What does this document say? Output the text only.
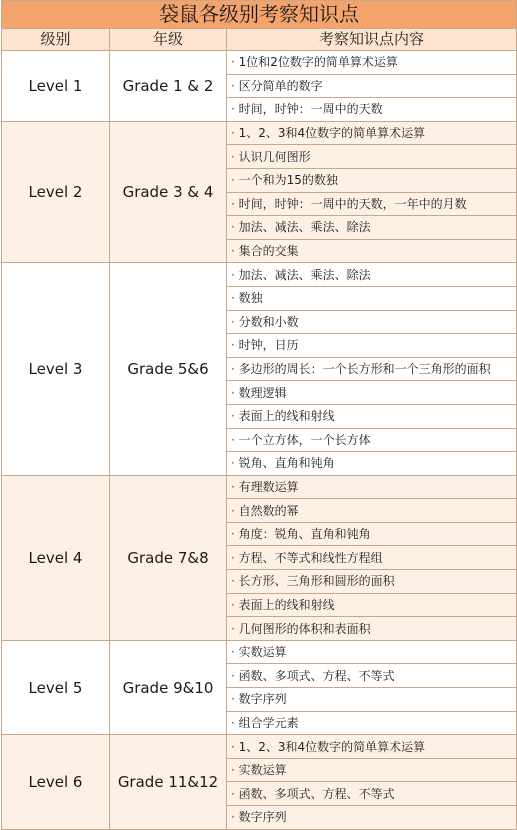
袋鼠各级别考察知识点		
级别	年级	考察知识点内容
Level 1	Grade 1 & 2	· 1位和2位数字的简单算术运算
		· 区分简单的数字
		· 时间，时钟：一周中的天数
Level 2	Grade 3 & 4	· 1、2、3和4位数字的简单算术运算
		· 认识几何图形
		· 一个和为15的数独
		· 时间，时钟：一周中的天数，一年中的月数
		· 加法、减法、乘法、除法
		· 集合的交集
Level 3	Grade 5&6	· 加法、减法、乘法、除法
		· 数独
		· 分数和小数
		· 时钟，日历
		· 多边形的周长：一个长方形和一个三角形的面积
		· 数理逻辑
		· 表面上的线和射线
		· 一个立方体，一个长方体
		· 锐角、直角和钝角
Level 4	Grade 7&8	· 有理数运算
		· 自然数的幂
		· 角度：锐角、直角和钝角
		· 方程、不等式和线性方程组
		· 长方形、三角形和圆形的面积
		· 表面上的线和射线
		· 几何图形的体积和表面积
Level 5	Grade 9&10	· 实数运算
		· 函数、多项式、方程、不等式
		· 数字序列
		· 组合学元素
Level 6	Grade 11&12	· 1、2、3和4位数字的简单算术运算
		· 实数运算
		· 函数、多项式、方程、不等式
		· 数字序列
